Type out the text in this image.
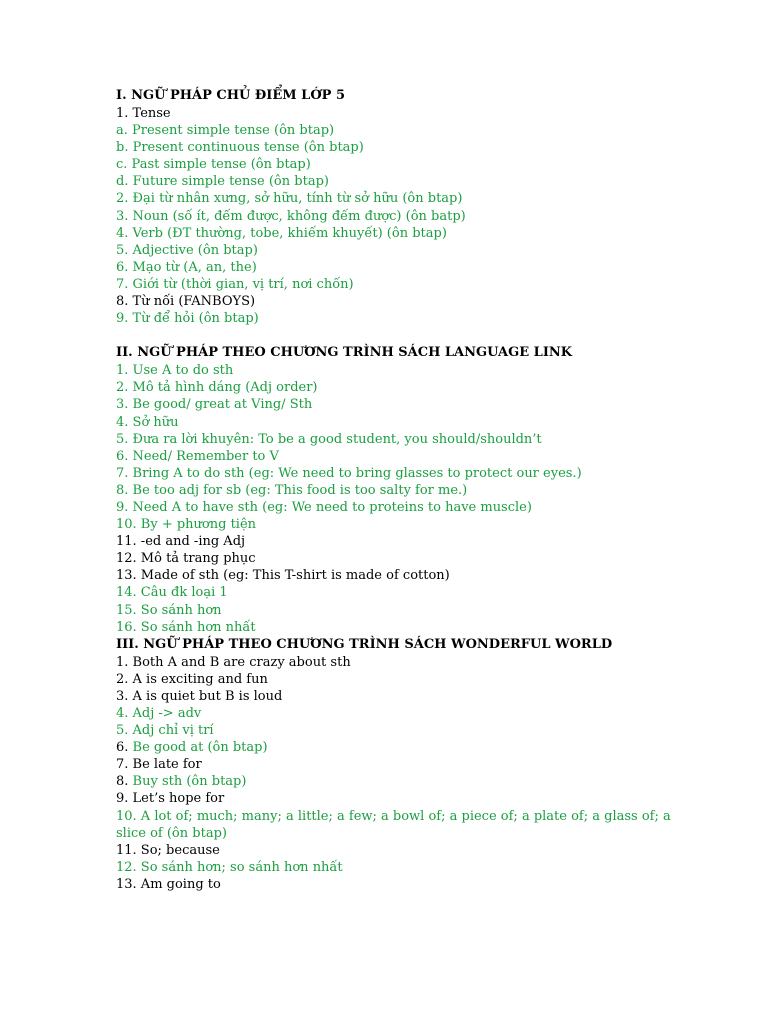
I. NGỮ PHÁP CHỦ ĐIỂM LỚP 5
1. Tense
a. Present simple tense (ôn btap)
b. Present continuous tense (ôn btap)
c. Past simple tense (ôn btap)
d. Future simple tense (ôn btap)
2. Đại từ nhân xưng, sở hữu, tính từ sở hữu (ôn btap)
3. Noun (số ít, đếm được, không đếm được) (ôn batp)
4. Verb (ĐT thường, tobe, khiếm khuyết) (ôn btap)
5. Adjective (ôn btap)
6. Mạo từ (A, an, the)
7. Giới từ (thời gian, vị trí, nơi chốn)
8. Từ nối (FANBOYS)
9. Từ để hỏi (ôn btap)
II. NGỮ PHÁP THEO CHƯƠNG TRÌNH SÁCH LANGUAGE LINK
1. Use A to do sth
2. Mô tả hình dáng (Adj order)
3. Be good/ great at Ving/ Sth
4. Sở hữu
5. Đưa ra lời khuyên: To be a good student, you should/shouldn’t
6. Need/ Remember to V
7. Bring A to do sth (eg: We need to bring glasses to protect our eyes.)
8. Be too adj for sb (eg: This food is too salty for me.)
9. Need A to have sth (eg: We need to proteins to have muscle)
10. By + phương tiện
11. -ed and -ing Adj
12. Mô tả trang phục
13. Made of sth (eg: This T-shirt is made of cotton)
14. Câu đk loại 1
15. So sánh hơn
16. So sánh hơn nhất
III. NGỮ PHÁP THEO CHƯƠNG TRÌNH SÁCH WONDERFUL WORLD
1. Both A and B are crazy about sth
2. A is exciting and fun
3. A is quiet but B is loud
4. Adj -> adv
5. Adj chỉ vị trí
6. Be good at (ôn btap)
7. Be late for
8. Buy sth (ôn btap)
9. Let’s hope for
10. A lot of; much; many; a little; a few; a bowl of; a piece of; a plate of; a glass of; a slice of (ôn btap)
11. So; because
12. So sánh hơn; so sánh hơn nhất
13. Am going to
